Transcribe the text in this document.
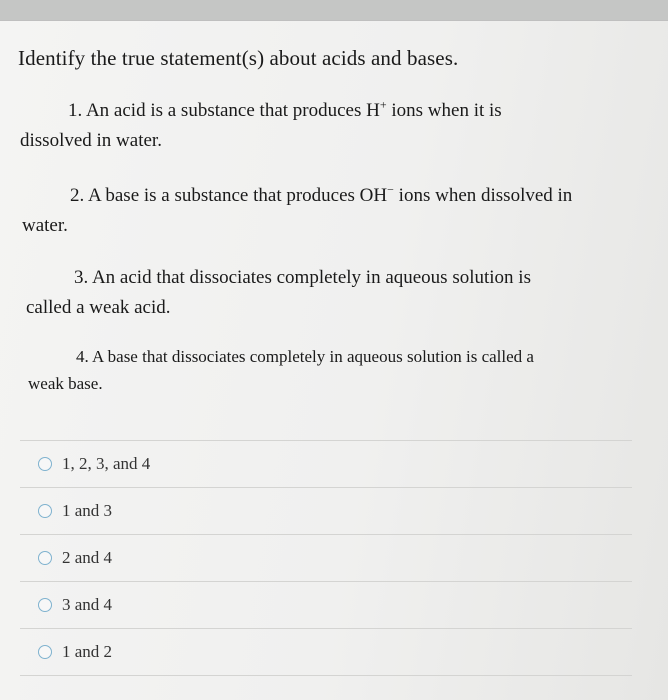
Identify the true statement(s) about acids and bases.

1. An acid is a substance that produces H+ ions when it is
dissolved in water.

2. A base is a substance that produces OH− ions when dissolved in
water.

3. An acid that dissociates completely in aqueous solution is
called a weak acid.

4. A base that dissociates completely in aqueous solution is called a
weak base.

1, 2, 3, and 4
1 and 3
2 and 4
3 and 4
1 and 2
